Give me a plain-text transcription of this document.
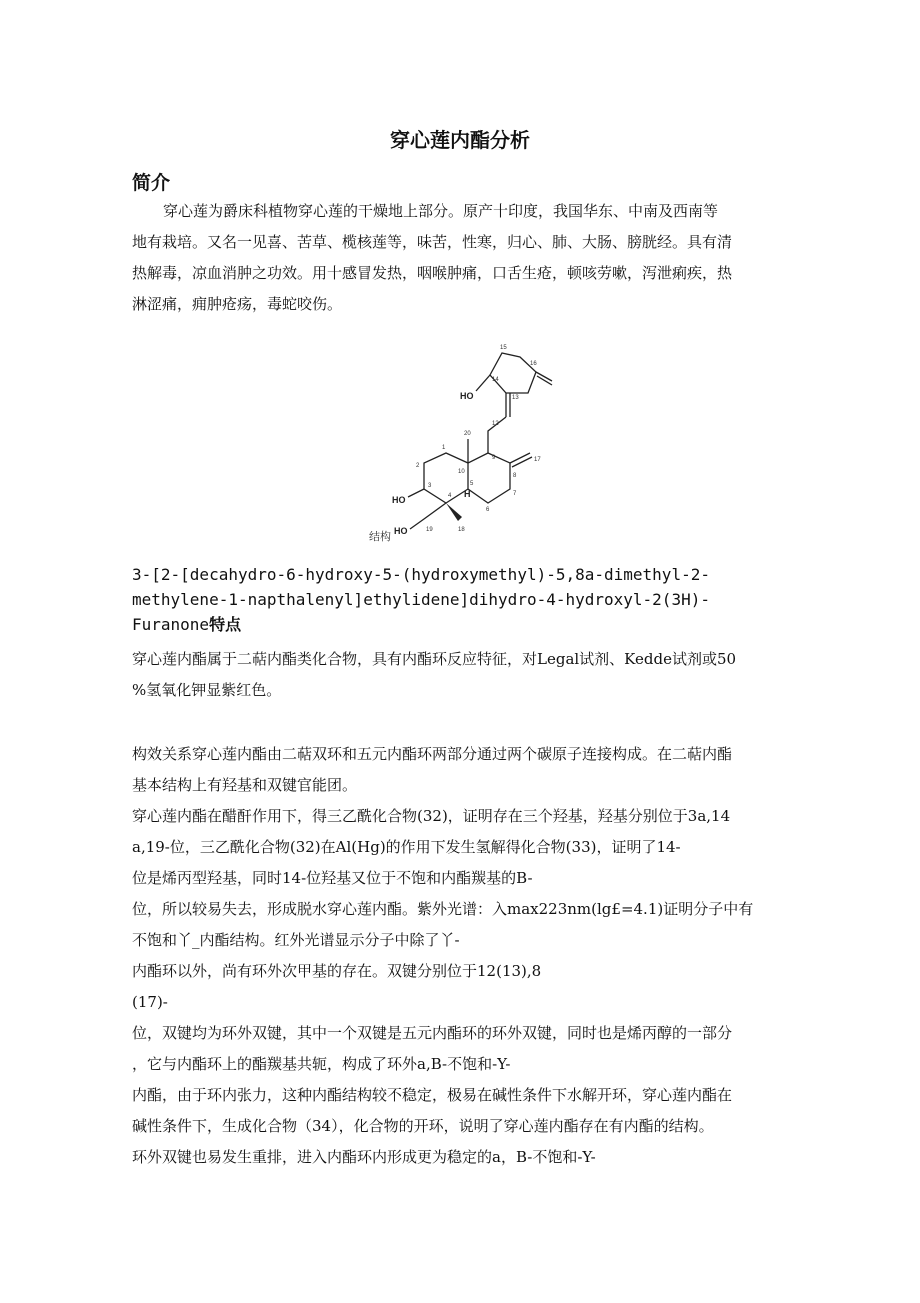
穿心莲内酯分析
简介
穿心莲为爵床科植物穿心莲的干燥地上部分。原产十印度，我国华东、中南及西南等
地有栽培。又名一见喜、苦草、榄核莲等，味苦，性寒，归心、肺、大肠、膀胱经。具有清
热解毒，凉血消肿之功效。用十感冒发热，咽喉肿痛，口舌生疮，顿咳劳嗽，泻泄痢疾，热
淋涩痛，痈肿疮疡，毒蛇咬伤。
15
14
16
13
12
9	17
8
7
6
5
10
20
1
2
3
4
19	18
HO
HO
HO
H
结构
3-[2-[decahydro-6-hydroxy-5-(hydroxymethyl)-5,8a-dimethyl-2-
methylene-1-napthalenyl]ethylidene]dihydro-4-hydroxyl-2(3H)-
Furanone特点
穿心莲内酯属于二萜内酯类化合物，具有内酯环反应特征，对Legal试剂、Kedde试剂或50
%氢氧化钾显紫红色。
构效关系穿心莲内酯由二萜双环和五元内酯环两部分通过两个碳原子连接构成。在二萜内酯
基本结构上有羟基和双键官能团。
穿心莲内酯在醋酐作用下，得三乙酰化合物(32)，证明存在三个羟基，羟基分别位于3a,14
a,19-位，三乙酰化合物(32)在Al(Hg)的作用下发生氢解得化合物(33)，证明了14-
位是烯丙型羟基，同时14-位羟基又位于不饱和内酯羰基的B-
位，所以较易失去，形成脱水穿心莲内酯。紫外光谱：入max223nm(lg£=4.1)证明分子中有
不饱和丫_内酯结构。红外光谱显示分子中除了丫-
内酯环以外，尚有环外次甲基的存在。双键分别位于12(13),8
(17)-
位，双键均为环外双键，其中一个双键是五元内酯环的环外双键，同时也是烯丙醇的一部分
，它与内酯环上的酯羰基共轭，构成了环外a,B-不饱和-Y-
内酯，由于环内张力，这种内酯结构较不稳定，极易在碱性条件下水解开环，穿心莲内酯在
碱性条件下，生成化合物（34），化合物的开环，说明了穿心莲内酯存在有内酯的结构。
环外双键也易发生重排，进入内酯环内形成更为稳定的a，B-不饱和-Y-
